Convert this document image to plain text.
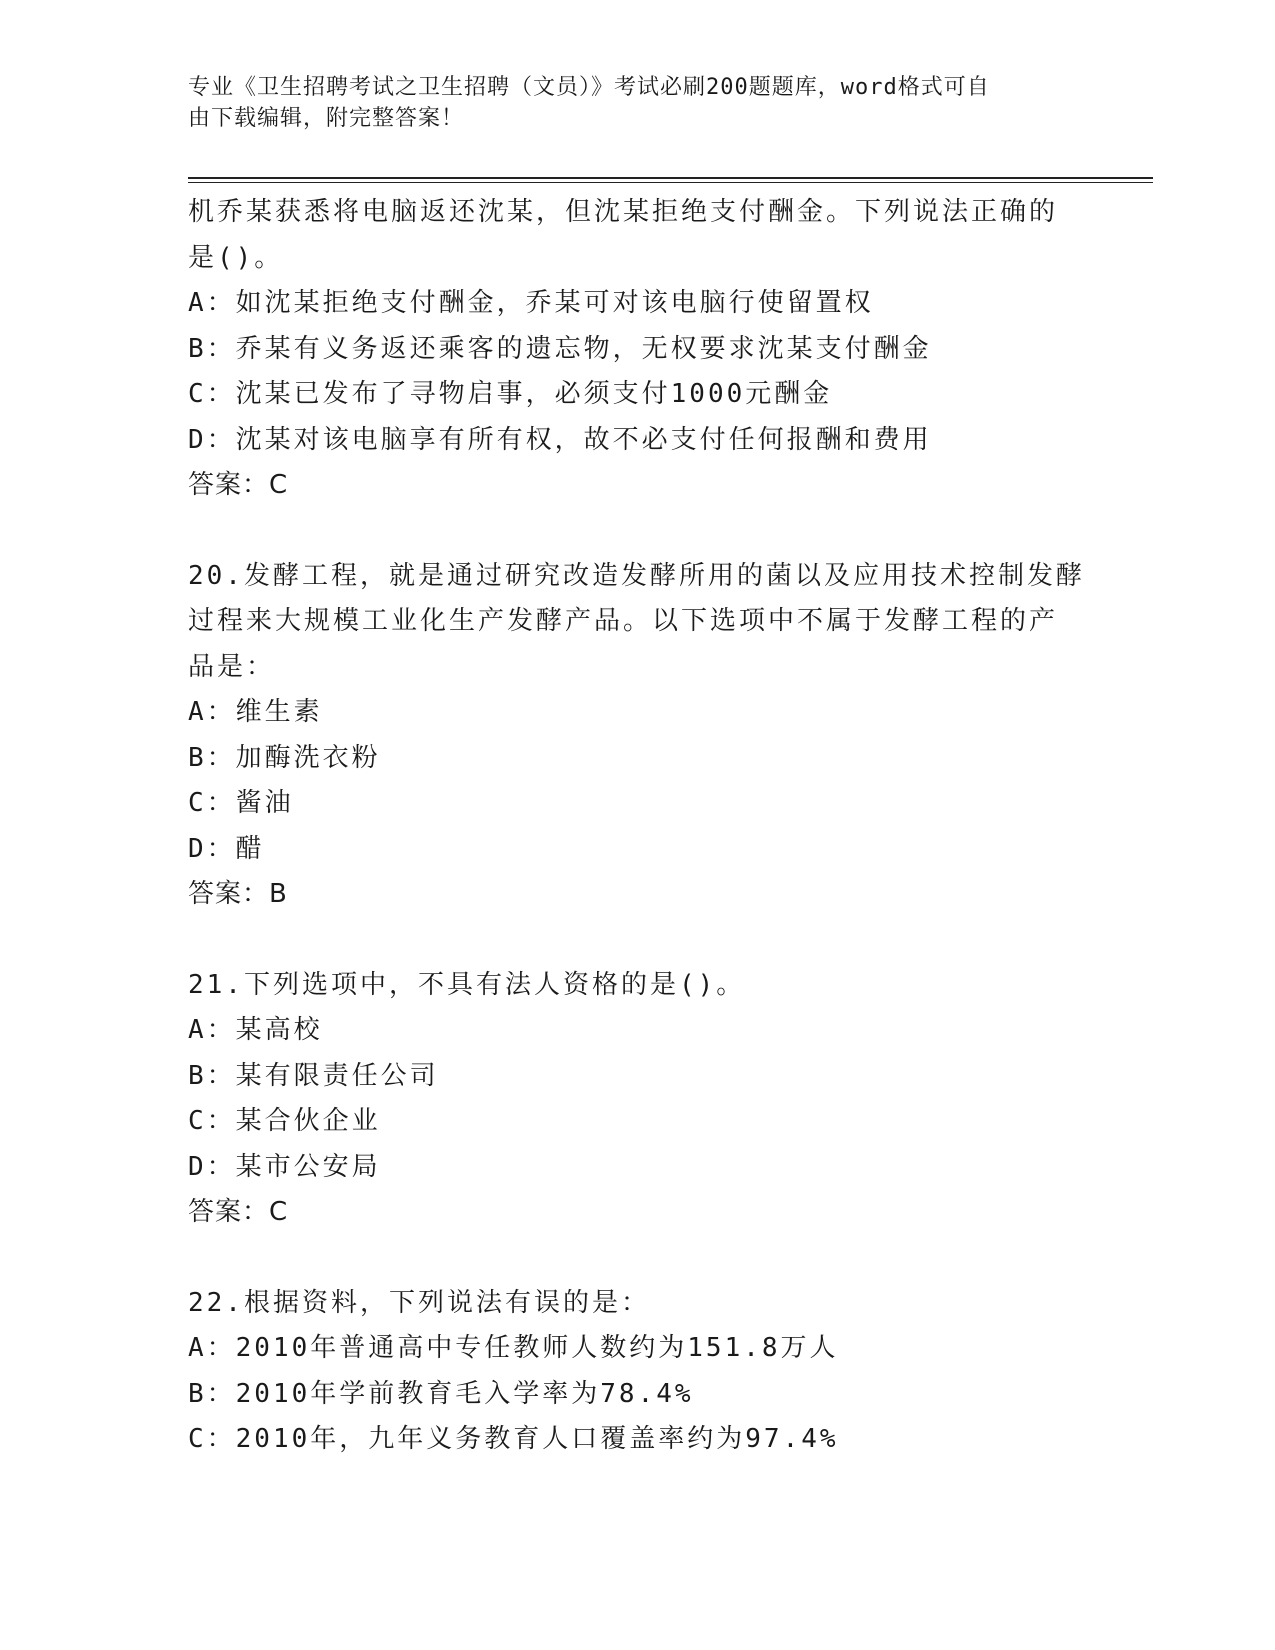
专业《卫生招聘考试之卫生招聘（文员）》考试必刷200题题库，word格式可自
由下载编辑，附完整答案！
机乔某获悉将电脑返还沈某，但沈某拒绝支付酬金。下列说法正确的
是()。
A：如沈某拒绝支付酬金，乔某可对该电脑行使留置权
B：乔某有义务返还乘客的遗忘物，无权要求沈某支付酬金
C：沈某已发布了寻物启事，必须支付1000元酬金
D：沈某对该电脑享有所有权，故不必支付任何报酬和费用
答案：C
20.发酵工程，就是通过研究改造发酵所用的菌以及应用技术控制发酵
过程来大规模工业化生产发酵产品。以下选项中不属于发酵工程的产
品是：
A：维生素
B：加酶洗衣粉
C：酱油
D：醋
答案：B
21.下列选项中，不具有法人资格的是()。
A：某高校
B：某有限责任公司
C：某合伙企业
D：某市公安局
答案：C
22.根据资料，下列说法有误的是：
A：2010年普通高中专任教师人数约为151.8万人
B：2010年学前教育毛入学率为78.4%
C：2010年，九年义务教育人口覆盖率约为97.4%
